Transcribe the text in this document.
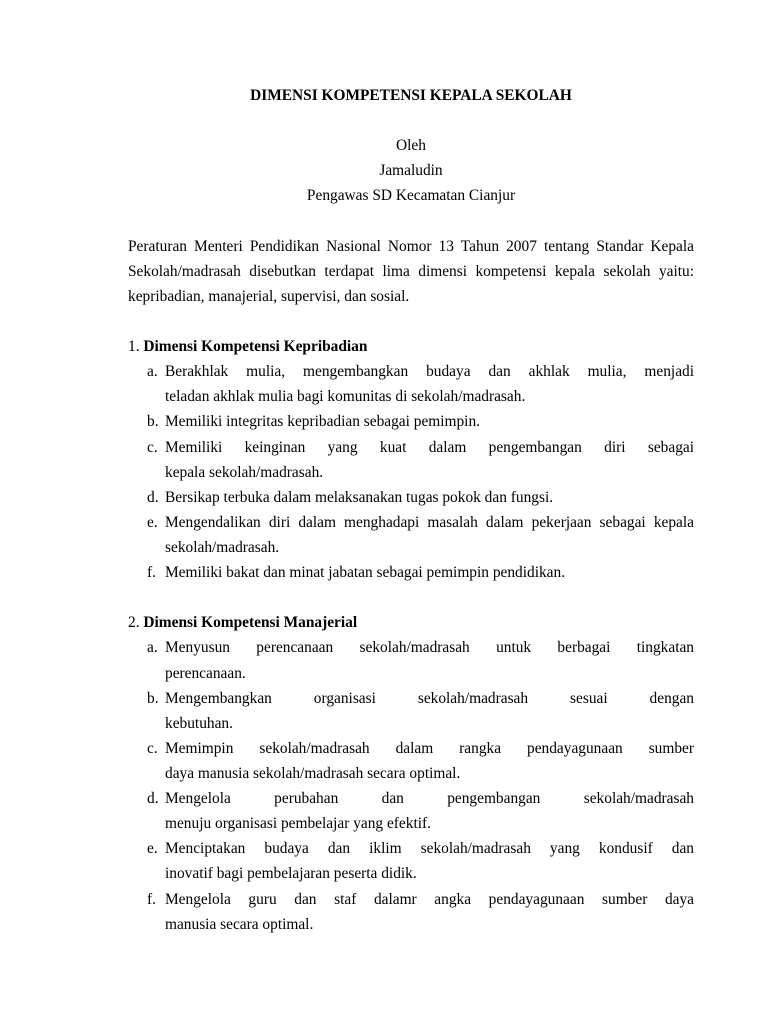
DIMENSI KOMPETENSI KEPALA SEKOLAH
Oleh
Jamaludin
Pengawas SD Kecamatan Cianjur
Peraturan Menteri Pendidikan Nasional Nomor 13 Tahun 2007 tentang Standar Kepala
Sekolah/madrasah disebutkan terdapat lima dimensi kompetensi kepala sekolah yaitu:
kepribadian, manajerial, supervisi, dan sosial.
1. Dimensi Kompetensi Kepribadian
a. Berakhlak mulia, mengembangkan budaya dan akhlak mulia, menjadi
teladan akhlak mulia bagi komunitas di sekolah/madrasah.
b. Memiliki integritas kepribadian sebagai pemimpin.
c. Memiliki keinginan yang kuat dalam pengembangan diri sebagai
kepala sekolah/madrasah.
d. Bersikap terbuka dalam melaksanakan tugas pokok dan fungsi.
e. Mengendalikan diri dalam menghadapi masalah dalam pekerjaan sebagai kepala
sekolah/madrasah.
f. Memiliki bakat dan minat jabatan sebagai pemimpin pendidikan.
2. Dimensi Kompetensi Manajerial
a. Menyusun perencanaan sekolah/madrasah untuk berbagai tingkatan
perencanaan.
b. Mengembangkan organisasi sekolah/madrasah sesuai dengan
kebutuhan.
c. Memimpin sekolah/madrasah dalam rangka pendayagunaan sumber
daya manusia sekolah/madrasah secara optimal.
d. Mengelola perubahan dan pengembangan sekolah/madrasah
menuju organisasi pembelajar yang efektif.
e. Menciptakan budaya dan iklim sekolah/madrasah yang kondusif dan
inovatif bagi pembelajaran peserta didik.
f. Mengelola guru dan staf dalamr angka pendayagunaan sumber daya
manusia secara optimal.
